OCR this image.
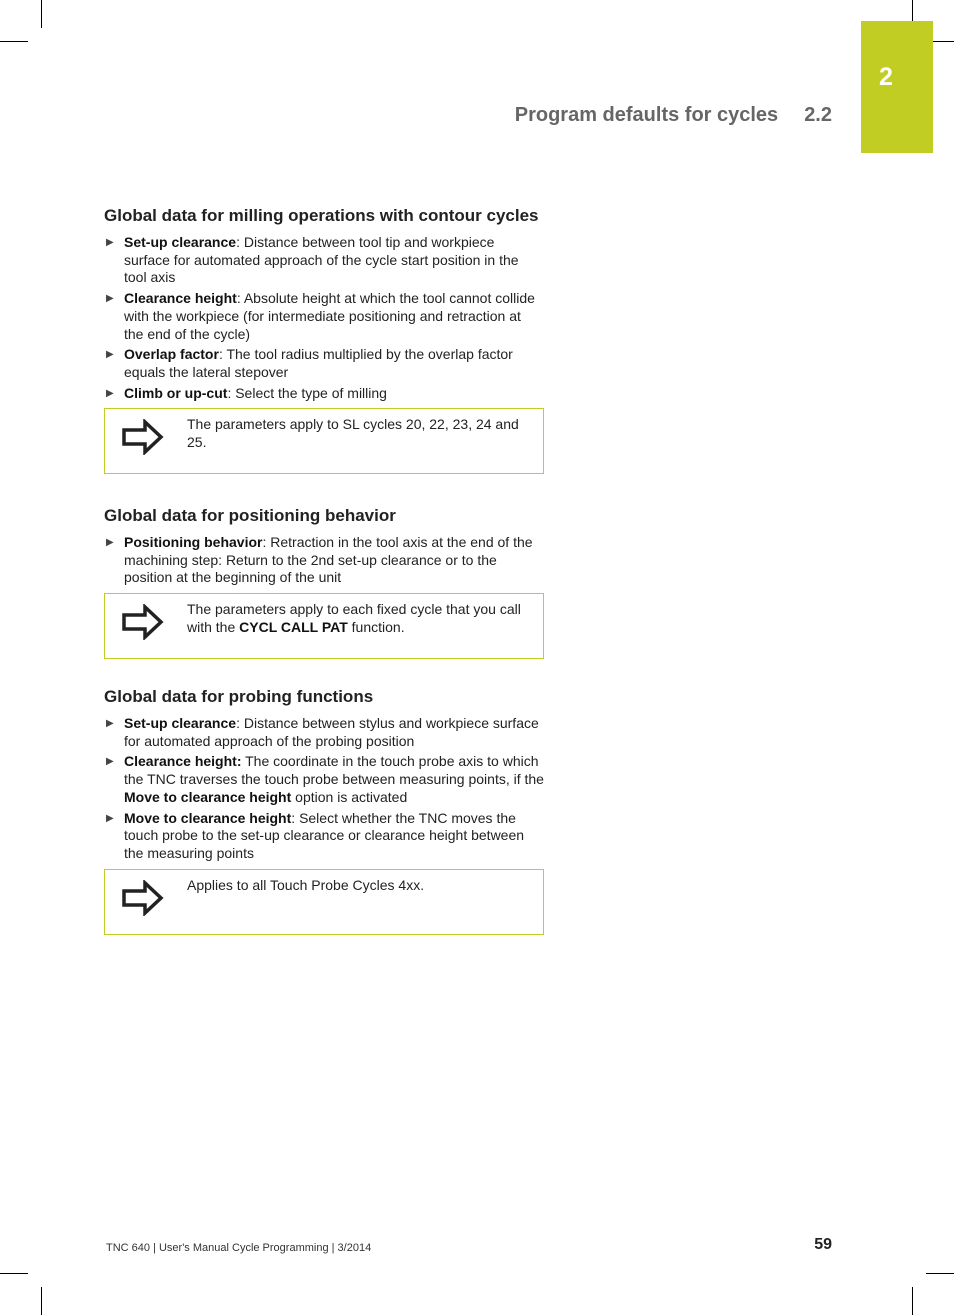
2
Program defaults for cycles 2.2
Global data for milling operations with contour cycles
▶ Set-up clearance: Distance between tool tip and workpiece surface for automated approach of the cycle start position in the tool axis
▶ Clearance height: Absolute height at which the tool cannot collide with the workpiece (for intermediate positioning and retraction at the end of the cycle)
▶ Overlap factor: The tool radius multiplied by the overlap factor equals the lateral stepover
▶ Climb or up-cut: Select the type of milling
The parameters apply to SL cycles 20, 22, 23, 24 and 25.
Global data for positioning behavior
▶ Positioning behavior: Retraction in the tool axis at the end of the machining step: Return to the 2nd set-up clearance or to the position at the beginning of the unit
The parameters apply to each fixed cycle that you call with the CYCL CALL PAT function.
Global data for probing functions
▶ Set-up clearance: Distance between stylus and workpiece surface for automated approach of the probing position
▶ Clearance height: The coordinate in the touch probe axis to which the TNC traverses the touch probe between measuring points, if the Move to clearance height option is activated
▶ Move to clearance height: Select whether the TNC moves the touch probe to the set-up clearance or clearance height between the measuring points
Applies to all Touch Probe Cycles 4xx.
TNC 640 | User's Manual Cycle Programming | 3/2014	59
